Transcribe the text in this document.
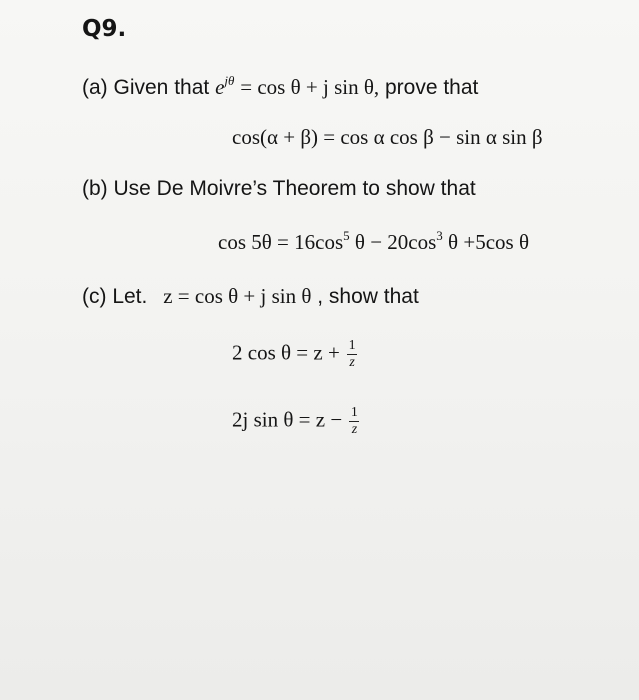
Q9.
(a) Given that $e^{j\theta} = \cos \theta + j$ sin θ, prove that
cos(α + β) = cos α cos β − sin α sin β
(b) Use De Moivre’s Theorem to show that
$\cos 5\theta = 16\cos^5$ $\theta - 20\cos^3$ θ +5cos θ
(c) Let. z = cos θ + j sin θ , show that
2 $\cos \theta = z + \frac{1}{z}$
2j $\sin \theta = z - \frac{1}{z}$
